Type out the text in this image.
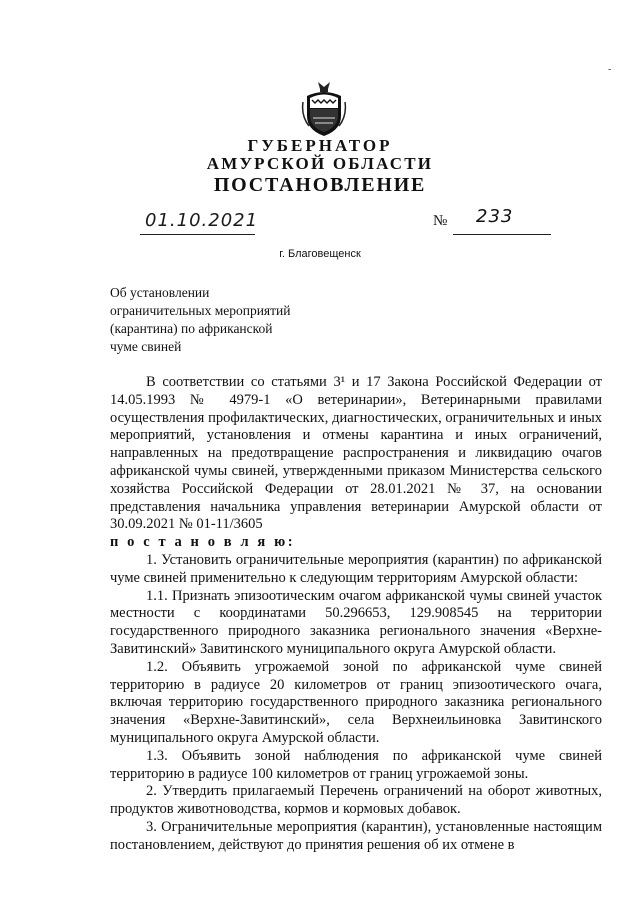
-
ГУБЕРНАТОР
АМУРСКОЙ ОБЛАСТИ
ПОСТАНОВЛЕНИЕ
01.10.2021	№ 233
г. Благовещенск
Об установлении
ограничительных мероприятий
(карантина) по африканской
чуме свиней
В соответствии со статьями 3¹ и 17 Закона Российской Федерации от 14.05.1993 № 4979-1 «О ветеринарии», Ветеринарными правилами осуществления профилактических, диагностических, ограничительных и иных мероприятий, установления и отмены карантина и иных ограничений, направленных на предотвращение распространения и ликвидацию очагов африканской чумы свиней, утвержденными приказом Министерства сельского хозяйства Российской Федерации от 28.01.2021 № 37, на основании представления начальника управления ветеринарии Амурской области от 30.09.2021 № 01-11/3605
п о с т а н о в л я ю:
1. Установить ограничительные мероприятия (карантин) по африканской чуме свиней применительно к следующим территориям Амурской области:
1.1. Признать эпизоотическим очагом африканской чумы свиней участок местности с координатами 50.296653, 129.908545 на территории государственного природного заказника регионального значения «Верхне-Завитинский» Завитинского муниципального округа Амурской области.
1.2. Объявить угрожаемой зоной по африканской чуме свиней территорию в радиусе 20 километров от границ эпизоотического очага, включая территорию государственного природного заказника регионального значения «Верхне-Завитинский», села Верхнеильиновка Завитинского муниципального округа Амурской области.
1.3. Объявить зоной наблюдения по африканской чуме свиней территорию в радиусе 100 километров от границ угрожаемой зоны.
2. Утвердить прилагаемый Перечень ограничений на оборот животных, продуктов животноводства, кормов и кормовых добавок.
3. Ограничительные мероприятия (карантин), установленные настоящим постановлением, действуют до принятия решения об их отмене в
